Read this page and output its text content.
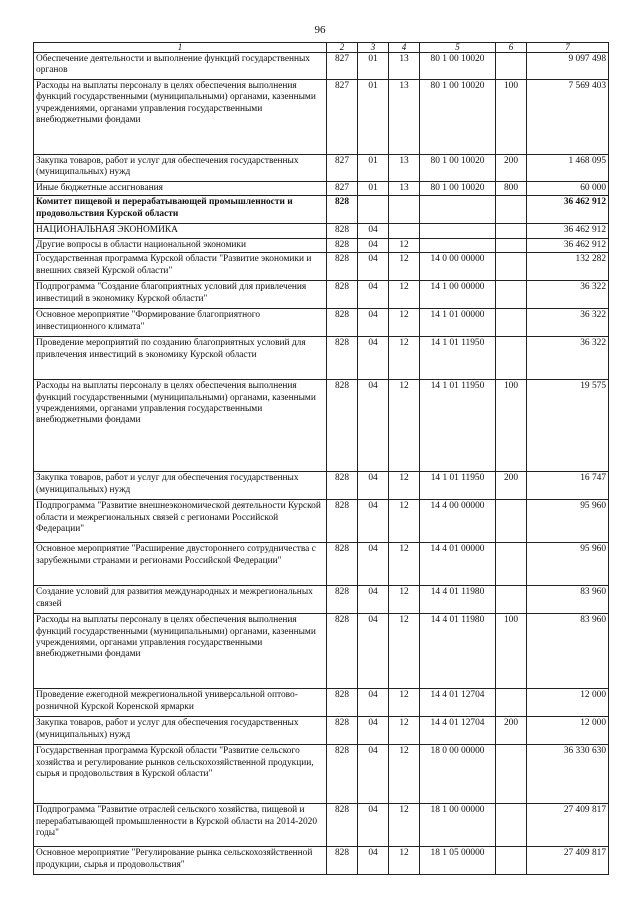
96
1	2	3	4	5	6	7
Обеспечение деятельности и выполнение функций государственных органов	827	01	13	80 1 00 10020		9 097 498
Расходы на выплаты персоналу в целях обеспечения выполнения функций государственными (муниципальными) органами, казенными учреждениями, органами управления государственными внебюджетными фондами	827	01	13	80 1 00 10020	100	7 569 403
Закупка товаров, работ и услуг для обеспечения государственных (муниципальных) нужд	827	01	13	80 1 00 10020	200	1 468 095
Иные бюджетные ассигнования	827	01	13	80 1 00 10020	800	60 000
Комитет пищевой и перерабатывающей промышленности и продовольствия Курской области	828					36 462 912
НАЦИОНАЛЬНАЯ ЭКОНОМИКА	828	04				36 462 912
Другие вопросы в области национальной экономики	828	04	12			36 462 912
Государственная программа Курской области "Развитие экономики и внешних связей Курской области"	828	04	12	14 0 00 00000		132 282
Подпрограмма "Создание благоприятных условий для привлечения инвестиций в экономику Курской области"	828	04	12	14 1 00 00000		36 322
Основное мероприятие "Формирование благоприятного инвестиционного климата"	828	04	12	14 1 01 00000		36 322
Проведение мероприятий по созданию благоприятных условий для привлечения инвестиций в экономику Курской области	828	04	12	14 1 01 11950		36 322
Расходы на выплаты персоналу в целях обеспечения выполнения функций государственными (муниципальными) органами, казенными учреждениями, органами управления государственными внебюджетными фондами	828	04	12	14 1 01 11950	100	19 575
Закупка товаров, работ и услуг для обеспечения государственных (муниципальных) нужд	828	04	12	14 1 01 11950	200	16 747
Подпрограмма "Развитие внешнеэкономической деятельности Курской области и межрегиональных связей с регионами Российской Федерации"	828	04	12	14 4 00 00000		95 960
Основное мероприятие "Расширение двустороннего сотрудничества с зарубежными странами и регионами Российской Федерации"	828	04	12	14 4 01 00000		95 960
Создание условий для развития международных и межрегиональных связей	828	04	12	14 4 01 11980		83 960
Расходы на выплаты персоналу в целях обеспечения выполнения функций государственными (муниципальными) органами, казенными учреждениями, органами управления государственными внебюджетными фондами	828	04	12	14 4 01 11980	100	83 960
Проведение ежегодной межрегиональной универсальной оптово-розничной Курской Коренской ярмарки	828	04	12	14 4 01 12704		12 000
Закупка товаров, работ и услуг для обеспечения государственных (муниципальных) нужд	828	04	12	14 4 01 12704	200	12 000
Государственная программа Курской области "Развитие сельского хозяйства и регулирование рынков сельскохозяйственной продукции, сырья и продовольствия в Курской области"	828	04	12	18 0 00 00000		36 330 630
Подпрограмма "Развитие отраслей сельского хозяйства, пищевой и перерабатывающей промышленности в Курской области на 2014-2020 годы"	828	04	12	18 1 00 00000		27 409 817
Основное мероприятие "Регулирование рынка сельскохозяйственной продукции, сырья и продовольствия"	828	04	12	18 1 05 00000		27 409 817
